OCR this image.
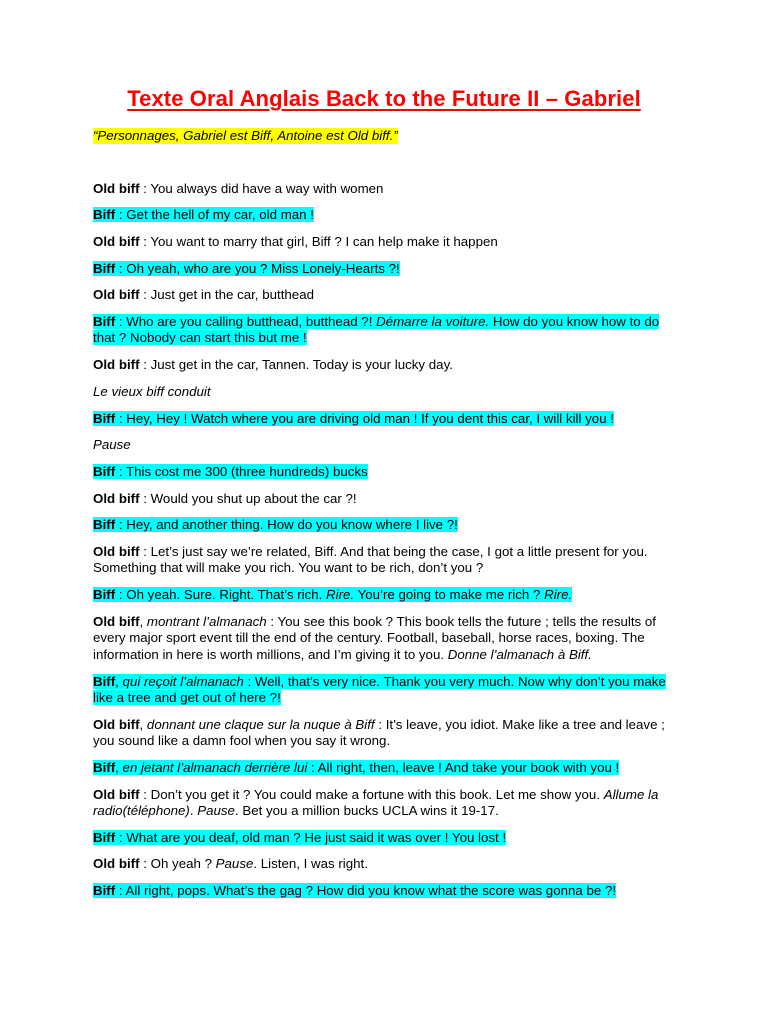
Texte Oral Anglais Back to the Future II – Gabriel
“Personnages, Gabriel est Biff, Antoine est Old biff.”

Old biff : You always did have a way with women

Biff : Get the hell of my car, old man !

Old biff : You want to marry that girl, Biff ? I can help make it happen

Biff : Oh yeah, who are you ? Miss Lonely-Hearts ?!

Old biff : Just get in the car, butthead

Biff : Who are you calling butthead, butthead ?! Démarre la voiture. How do you know how to do that ? Nobody can start this but me !

Old biff : Just get in the car, Tannen. Today is your lucky day.

Le vieux biff conduit

Biff : Hey, Hey ! Watch where you are driving old man ! If you dent this car, I will kill you !

Pause

Biff : This cost me 300 (three hundreds) bucks

Old biff : Would you shut up about the car ?!

Biff : Hey, and another thing. How do you know where I live ?!

Old biff : Let’s just say we’re related, Biff. And that being the case, I got a little present for you. Something that will make you rich. You want to be rich, don’t you ?

Biff : Oh yeah. Sure. Right. That’s rich. Rire. You’re going to make me rich ? Rire.

Old biff, montrant l’almanach : You see this book ? This book tells the future ; tells the results of every major sport event till the end of the century. Football, baseball, horse races, boxing. The information in here is worth millions, and I’m giving it to you. Donne l’almanach à Biff.

Biff, qui reçoit l’almanach : Well, that’s very nice. Thank you very much. Now why don’t you make like a tree and get out of here ?!

Old biff, donnant une claque sur la nuque à Biff : It’s leave, you idiot. Make like a tree and leave ; you sound like a damn fool when you say it wrong.

Biff, en jetant l’almanach derrière lui : All right, then, leave ! And take your book with you !

Old biff : Don’t you get it ? You could make a fortune with this book. Let me show you. Allume la radio(téléphone). Pause. Bet you a million bucks UCLA wins it 19-17.

Biff : What are you deaf, old man ? He just said it was over ! You lost !

Old biff : Oh yeah ? Pause. Listen, I was right.

Biff : All right, pops. What’s the gag ? How did you know what the score was gonna be ?!
